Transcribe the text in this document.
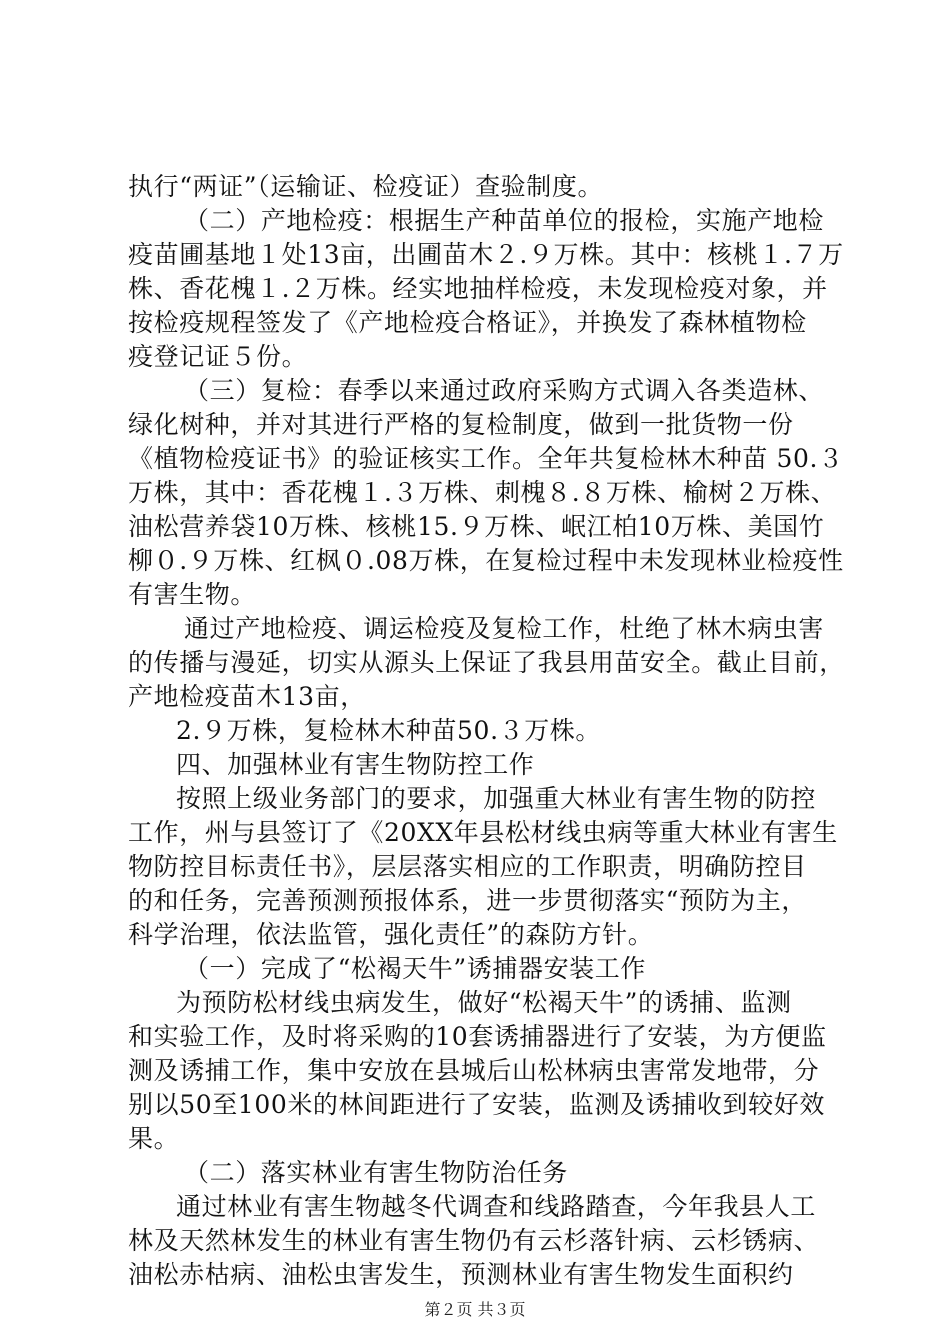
执行“两证”（运输证、检疫证）查验制度。
（二）产地检疫：根据生产种苗单位的报检，实施产地检
疫苗圃基地１处13亩，出圃苗木２.９万株。其中：核桃１.７万
株、香花槐１.２万株。经实地抽样检疫，未发现检疫对象，并
按检疫规程签发了《产地检疫合格证》，并换发了森林植物检
疫登记证５份。
（三）复检：春季以来通过政府采购方式调入各类造林、
绿化树种，并对其进行严格的复检制度，做到一批货物一份
《植物检疫证书》的验证核实工作。全年共复检林木种苗 50.３
万株，其中：香花槐１.３万株、刺槐８.８万株、榆树２万株、
油松营养袋10万株、核桃15.９万株、岷江柏10万株、美国竹
柳０.９万株、红枫０.08万株，在复检过程中未发现林业检疫性
有害生物。
通过产地检疫、调运检疫及复检工作，杜绝了林木病虫害
的传播与漫延，切实从源头上保证了我县用苗安全。截止目前，
产地检疫苗木13亩，
2.９万株，复检林木种苗50.３万株。
四、加强林业有害生物防控工作
按照上级业务部门的要求，加强重大林业有害生物的防控
工作，州与县签订了《20XX年县松材线虫病等重大林业有害生
物防控目标责任书》，层层落实相应的工作职责，明确防控目
的和任务，完善预测预报体系，进一步贯彻落实“预防为主，
科学治理，依法监管，强化责任”的森防方针。
（一）完成了“松褐天牛”诱捕器安装工作
为预防松材线虫病发生，做好“松褐天牛”的诱捕、监测
和实验工作，及时将采购的10套诱捕器进行了安装，为方便监
测及诱捕工作，集中安放在县城后山松林病虫害常发地带，分
别以50至100米的林间距进行了安装，监测及诱捕收到较好效
果。
（二）落实林业有害生物防治任务
通过林业有害生物越冬代调查和线路踏查，今年我县人工
林及天然林发生的林业有害生物仍有云杉落针病、云杉锈病、
油松赤枯病、油松虫害发生，预测林业有害生物发生面积约
第２页 共３页
